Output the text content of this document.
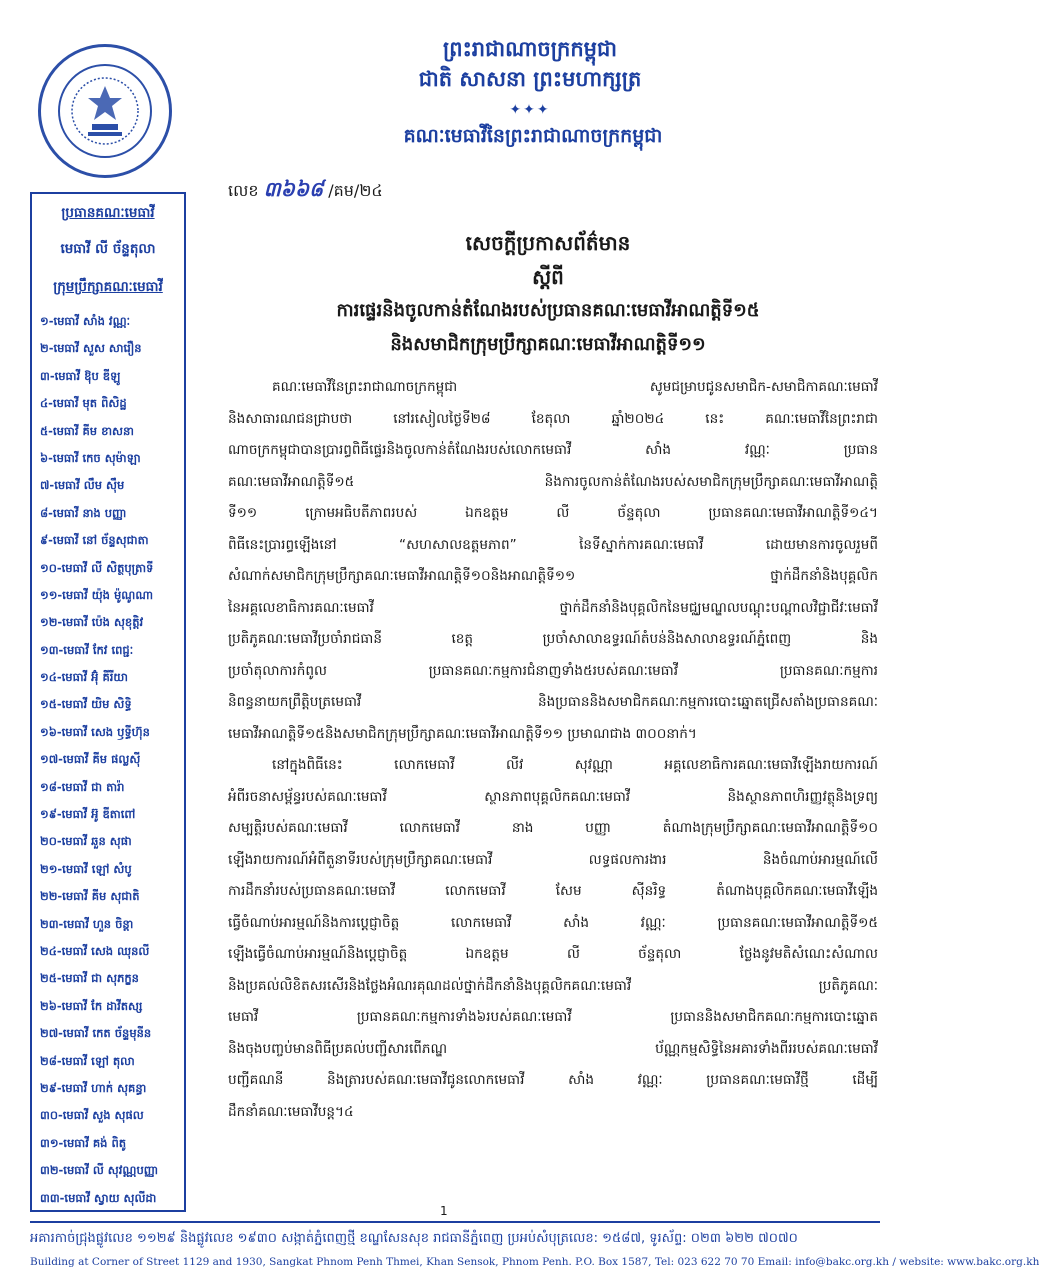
ព្រះរាជាណាចក្រកម្ពុជា
ជាតិ សាសនា ព្រះមហាក្សត្រ
✦✦✦
គណៈមេធាវីនៃព្រះរាជាណាចក្រកម្ពុជា
លេខ ៣៦៦៨ /គម/២៤
ប្រធានគណៈមេធាវី
មេធាវី លី ច័ន្ទតុលា
ក្រុមប្រឹក្សាគណៈមេធាវី
១-មេធាវី សាំង វណ្ណៈ
២-មេធាវី សួស សារឿន
៣-មេធាវី ឱុប ឌីឡូ
៤-មេធាវី មុត ពិសិដ្ឋ
៥-មេធាវី គីម ខាសនា
៦-មេធាវី កេច សុម៉ាឡា
៧-មេធាវី លឹម ស៊ឹម
៨-មេធាវី នាង បញ្ញា
៩-មេធាវី នៅ ច័ន្ទសុជាតា
១០-មេធាវី លី សិត្ថបុត្រាទី
១១-មេធាវី យ៉ុង ម៉ូណូណា
១២-មេធាវី ប៉េង សុខុត្តិវ
១៣-មេធាវី កែវ ពេជ្ជៈ
១៤-មេធាវី អ៊ុំ គីរីយា
១៥-មេធាវី យិម សិទ្ធិ
១៦-មេធាវី សេង ឫទ្ធីហ៊ុន
១៧-មេធាវី គីម ផល្លស៊ី
១៨-មេធាវី ជា តារ៉ា
១៩-មេធាវី អ៊ូ ឌីតាពៅ
២០-មេធាវី ឆួន សុផា
២១-មេធាវី ឡៅ សំបូ
២២-មេធាវី គីម សុជាតិ
២៣-មេធាវី ហួន ចិន្តា
២៤-មេធាវី សេង ឈុនលី
២៥-មេធាវី ជា សុភក្ខន
២៦-មេធាវី កែ ដាវីតស្ស
២៧-មេធាវី កេត ច័ន្ទមុនីន
២៨-មេធាវី ឡៅ តុលា
២៩-មេធាវី ហាក់ សុគន្ធា
៣០-មេធាវី សួង សុផល
៣១-មេធាវី គង់ ពិតូ
៣២-មេធាវី លី សុវណ្ណបញ្ញា
៣៣-មេធាវី ស្វាយ សុលីដា
សេចក្តីប្រកាសព័ត៌មាន
ស្តីពី
ការផ្ទេរនិងចូលកាន់តំណែងរបស់ប្រធានគណៈមេធាវីអាណត្តិទី១៥
និងសមាជិកក្រុមប្រឹក្សាគណៈមេធាវីអាណត្តិទី១១
គណៈមេធាវីនៃព្រះរាជាណាចក្រកម្ពុជា សូមជម្រាបជូនសមាជិក-សមាជិកាគណៈមេធាវី
និងសាធារណជនជ្រាបថា នៅរសៀលថ្ងៃទី២៨ ខែតុលា ឆ្នាំ២០២៤ នេះ គណៈមេធាវីនៃព្រះរាជា
ណាចក្រកម្ពុជាបានប្រារព្ធពិធីផ្ទេរនិងចូលកាន់តំណែងរបស់លោកមេធាវី សាំង វណ្ណៈ ប្រធាន
គណៈមេធាវីអាណត្តិទី១៥ និងការចូលកាន់តំណែងរបស់សមាជិកក្រុមប្រឹក្សាគណៈមេធាវីអាណត្តិ
ទី១១ ក្រោមអធិបតីភាពរបស់ ឯកឧត្តម លី ច័ន្ទតុលា ប្រធានគណៈមេធាវីអាណត្តិទី១៤។
ពិធីនេះប្រារព្ធឡើងនៅ “សហសាលឧត្តមភាព” នៃទីស្នាក់ការគណៈមេធាវី ដោយមានការចូលរួមពី
សំណាក់សមាជិកក្រុមប្រឹក្សាគណៈមេធាវីអាណត្តិទី១០និងអាណត្តិទី១១ ថ្នាក់ដឹកនាំនិងបុគ្គលិក
នៃអគ្គលេខាធិការគណៈមេធាវី ថ្នាក់ដឹកនាំនិងបុគ្គលិកនៃមជ្ឈមណ្ឌលបណ្តុះបណ្តាលវិជ្ជាជីវៈមេធាវី
ប្រតិភូគណៈមេធាវីប្រចាំរាជធានី ខេត្ត ប្រចាំសាលាឧទ្ធរណ៍តំបន់និងសាលាឧទ្ធរណ៍ភ្នំពេញ និង
ប្រចាំតុលាការកំពូល ប្រធានគណៈកម្មការជំនាញទាំង៥របស់គណៈមេធាវី ប្រធានគណៈកម្មការ
និពន្ធនាយកព្រឹត្តិបត្រមេធាវី និងប្រធាននិងសមាជិកគណៈកម្មការបោះឆ្នោតជ្រើសតាំងប្រធានគណៈ
មេធាវីអាណត្តិទី១៥និងសមាជិកក្រុមប្រឹក្សាគណៈមេធាវីអាណត្តិទី១១ ប្រមាណជាង ៣០០នាក់។
នៅក្នុងពិធីនេះ លោកមេធាវី លីវ សុវណ្ណា អគ្គលេខាធិការគណៈមេធាវីឡើងរាយការណ៍
អំពីរចនាសម្ព័ន្ធរបស់គណៈមេធាវី ស្ថានភាពបុគ្គលិកគណៈមេធាវី និងស្ថានភាពហិរញ្ញវត្ថុនិងទ្រព្យ
សម្បត្តិរបស់គណៈមេធាវី លោកមេធាវី នាង បញ្ញា តំណាងក្រុមប្រឹក្សាគណៈមេធាវីអាណត្តិទី១០
ឡើងរាយការណ៍អំពីតួនាទីរបស់ក្រុមប្រឹក្សាគណៈមេធាវី លទ្ធផលការងារ និងចំណាប់អារម្មណ៍លើ
ការដឹកនាំរបស់ប្រធានគណៈមេធាវី លោកមេធាវី សែម ស៊ីនរិទ្ធ តំណាងបុគ្គលិកគណៈមេធាវីឡើង
ធ្វើចំណាប់អារម្មណ៍និងការប្តេជ្ញាចិត្ត លោកមេធាវី សាំង វណ្ណៈ ប្រធានគណៈមេធាវីអាណត្តិទី១៥
ឡើងធ្វើចំណាប់អារម្មណ៍និងប្តេជ្ញាចិត្ត ឯកឧត្តម លី ច័ន្ទតុលា ថ្លែងនូវមតិសំណេះសំណាល
និងប្រគល់លិខិតសរសើរនិងថ្លែងអំណរគុណដល់ថ្នាក់ដឹកនាំនិងបុគ្គលិកគណៈមេធាវី ប្រតិភូគណៈ
មេធាវី ប្រធានគណៈកម្មការទាំង៦របស់គណៈមេធាវី ប្រធាននិងសមាជិកគណៈកម្មការបោះឆ្នោត
និងចុងបញ្ចប់មានពិធីប្រគល់បញ្ជីសារពើភណ្ឌ ប័ណ្ណកម្មសិទ្ធិនៃអគារទាំងពីររបស់គណៈមេធាវី
បញ្ជីគណនី និងត្រារបស់គណៈមេធាវីជូនលោកមេធាវី សាំង វណ្ណៈ ប្រធានគណៈមេធាវីថ្មី ដើម្បី
ដឹកនាំគណៈមេធាវីបន្ត។៤
1
អគារកាច់ជ្រុងផ្លូវលេខ ១១២៩ និងផ្លូវលេខ ១៩៣០ សង្កាត់ភ្នំពេញថ្មី ខណ្ឌសែនសុខ រាជធានីភ្នំពេញ ប្រអប់សំបុត្រលេខ: ១៥៨៧, ទូរស័ព្ទ: ០២៣ ៦២២ ៧០៧០
Building at Corner of Street 1129 and 1930, Sangkat Phnom Penh Thmei, Khan Sensok, Phnom Penh. P.O. Box 1587, Tel: 023 622 70 70 Email: info@bakc.org.kh / website: www.bakc.org.kh
